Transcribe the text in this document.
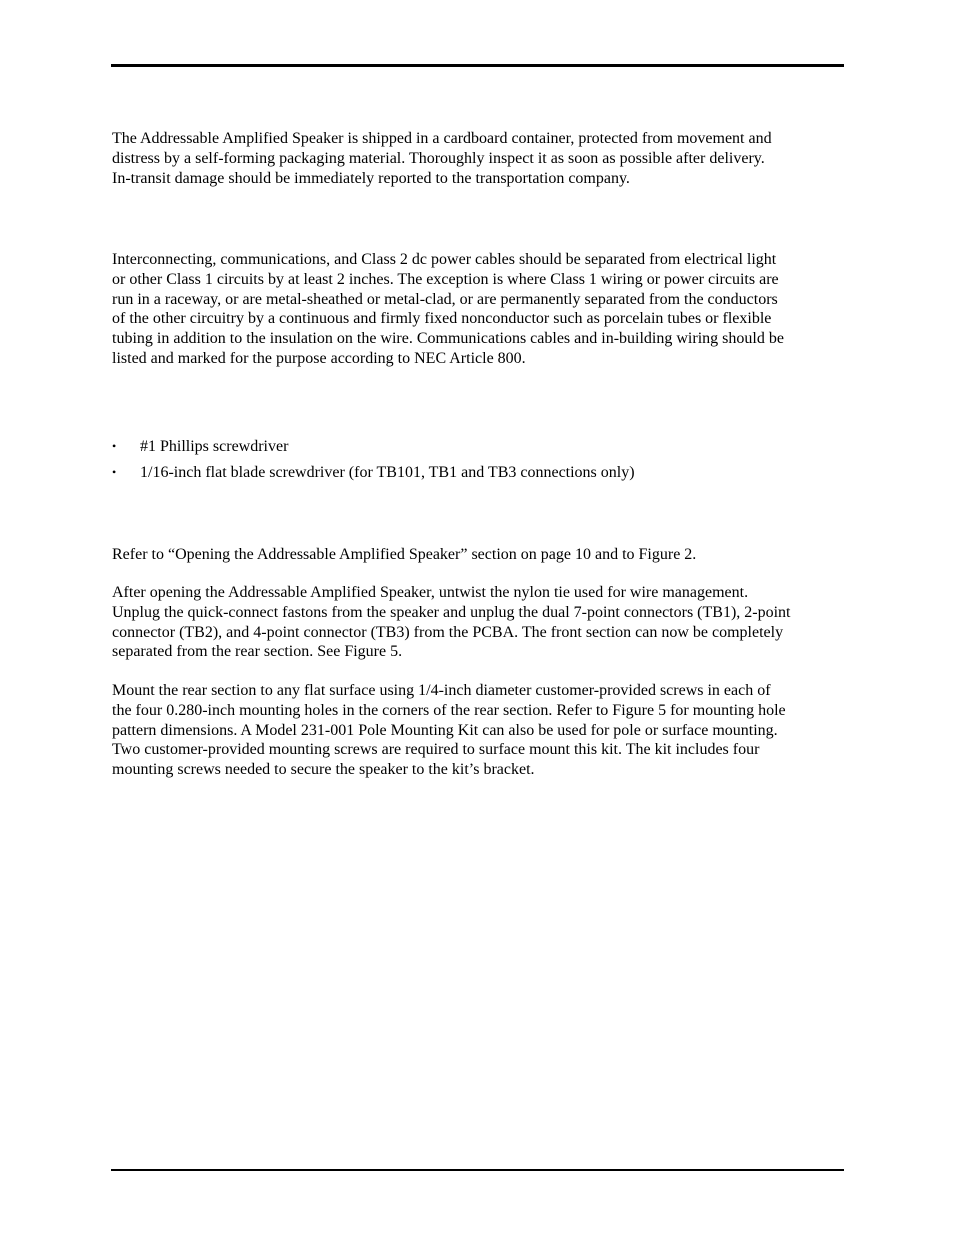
The Addressable Amplified Speaker is shipped in a cardboard container, protected from movement and
distress by a self-forming packaging material. Thoroughly inspect it as soon as possible after delivery.
In-transit damage should be immediately reported to the transportation company.

Interconnecting, communications, and Class 2 dc power cables should be separated from electrical light
or other Class 1 circuits by at least 2 inches. The exception is where Class 1 wiring or power circuits are
run in a raceway, or are metal-sheathed or metal-clad, or are permanently separated from the conductors
of the other circuitry by a continuous and firmly fixed nonconductor such as porcelain tubes or flexible
tubing in addition to the insulation on the wire. Communications cables and in-building wiring should be
listed and marked for the purpose according to NEC Article 800.

• #1 Phillips screwdriver
• 1/16-inch flat blade screwdriver (for TB101, TB1 and TB3 connections only)

Refer to “Opening the Addressable Amplified Speaker” section on page 10 and to Figure 2.

After opening the Addressable Amplified Speaker, untwist the nylon tie used for wire management.
Unplug the quick-connect fastons from the speaker and unplug the dual 7-point connectors (TB1), 2-point
connector (TB2), and 4-point connector (TB3) from the PCBA. The front section can now be completely
separated from the rear section. See Figure 5.

Mount the rear section to any flat surface using 1/4-inch diameter customer-provided screws in each of
the four 0.280-inch mounting holes in the corners of the rear section. Refer to Figure 5 for mounting hole
pattern dimensions. A Model 231-001 Pole Mounting Kit can also be used for pole or surface mounting.
Two customer-provided mounting screws are required to surface mount this kit. The kit includes four
mounting screws needed to secure the speaker to the kit’s bracket.
